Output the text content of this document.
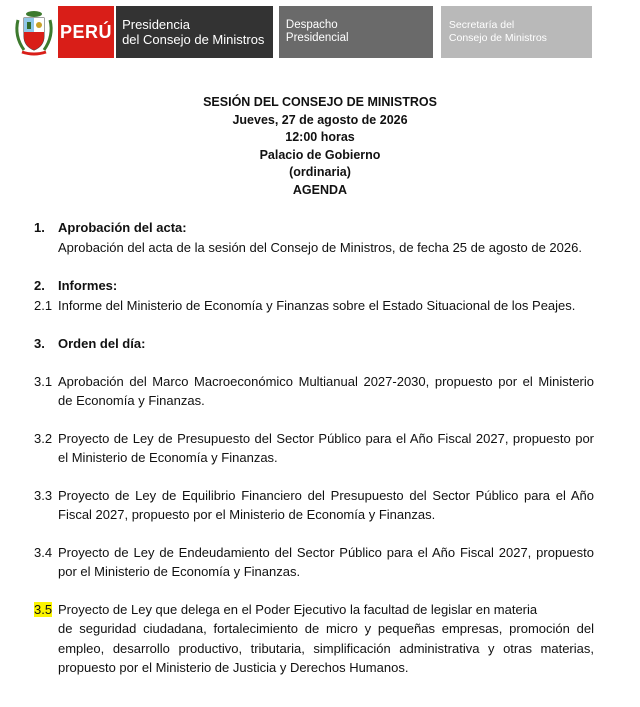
PERÚ Presidencia
del Consejo de Ministros
Despacho
Presidencial
Secretaría del
Consejo de Ministros
SESIÓN DEL CONSEJO DE MINISTROS
Jueves, 27 de agosto de 2026
12:00 horas
Palacio de Gobierno
(ordinaria)
AGENDA
1.	Aprobación del acta:
Aprobación del acta de la sesión del Consejo de Ministros, de fecha 25 de agosto de 2026.
2.	Informes:
2.1 Informe del Ministerio de Economía y Finanzas sobre el Estado Situacional de los Peajes.
3.	Orden del día:
3.1 Aprobación del Marco Macroeconómico Multianual 2027-2030, propuesto por el Ministerio de Economía y Finanzas.
3.2 Proyecto de Ley de Presupuesto del Sector Público para el Año Fiscal 2027, propuesto por el Ministerio de Economía y Finanzas.
3.3 Proyecto de Ley de Equilibrio Financiero del Presupuesto del Sector Público para el Año Fiscal 2027, propuesto por el Ministerio de Economía y Finanzas.
3.4 Proyecto de Ley de Endeudamiento del Sector Público para el Año Fiscal 2027, propuesto por el Ministerio de Economía y Finanzas.
3.5 Proyecto de Ley que delega en el Poder Ejecutivo la facultad de legislar en materia
de seguridad ciudadana, fortalecimiento de micro y pequeñas empresas, promoción del empleo, desarrollo productivo, tributaria, simplificación administrativa y otras materias, propuesto por el Ministerio de Justicia y Derechos Humanos.
